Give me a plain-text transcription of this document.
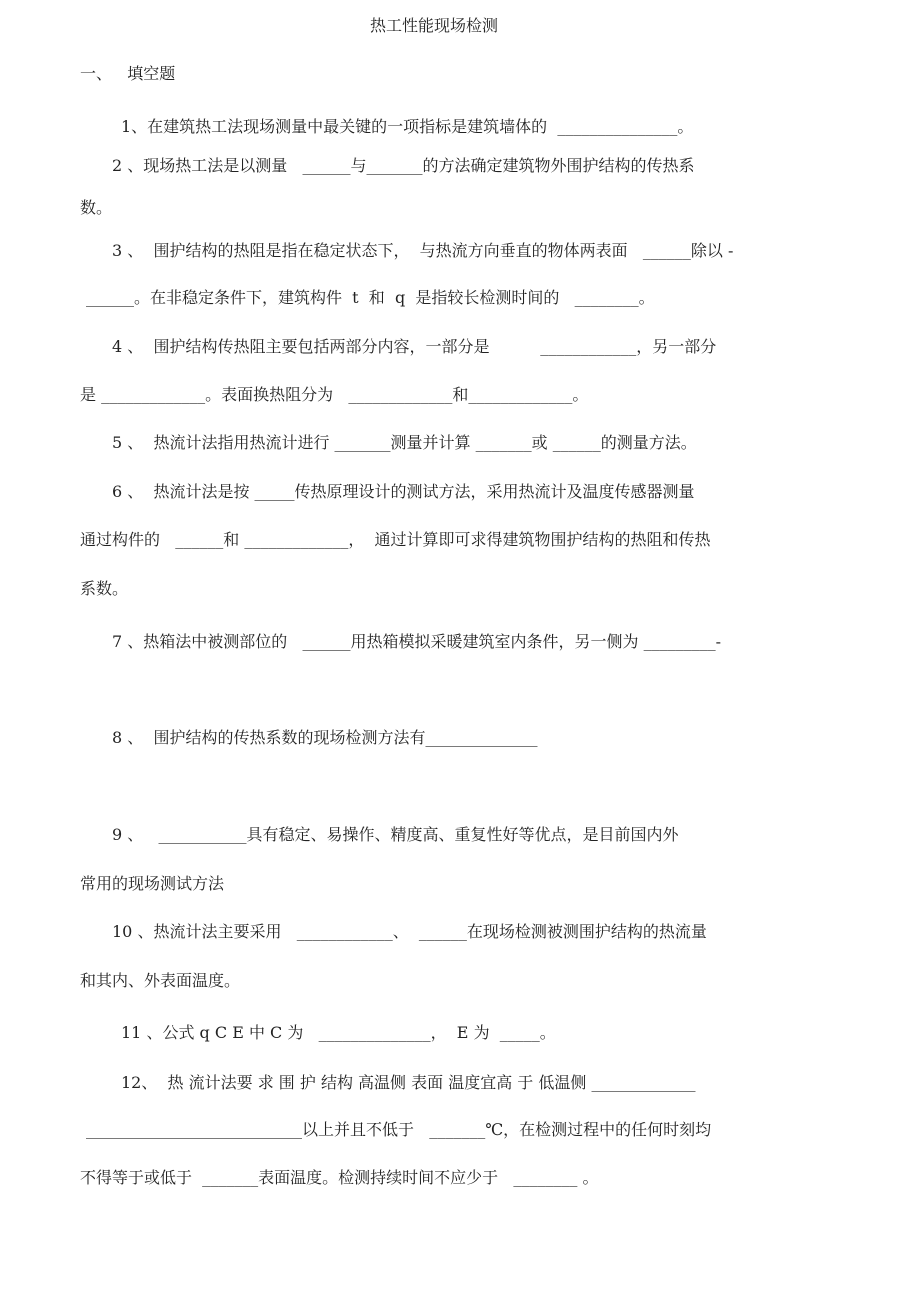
热工性能现场检测
一、   填空题
1、在建筑热工法现场测量中最关键的一项指标是建筑墙体的  _______________。
2 、现场热工法是以测量   ______与_______的方法确定建筑物外围护结构的传热系
数。
3 、  围护结构的热阻是指在稳定状态下，  与热流方向垂直的物体两表面   ______除以 -
______。在非稳定条件下，建筑构件  t  和  q  是指较长检测时间的   ________。
4 、  围护结构传热阻主要包括两部分内容，一部分是          ____________，另一部分
是 _____________。表面换热阻分为   _____________和_____________。
5 、  热流计法指用热流计进行 _______测量并计算 _______或 ______的测量方法。
6 、  热流计法是按 _____传热原理设计的测试方法，采用热流计及温度传感器测量
通过构件的   ______和 _____________，  通过计算即可求得建筑物围护结构的热阻和传热
系数。
7 、热箱法中被测部位的   ______用热箱模拟采暖建筑室内条件，另一侧为 _________-
8 、  围护结构的传热系数的现场检测方法有______________
9 、   ___________具有稳定、易操作、精度高、重复性好等优点，是目前国内外
常用的现场测试方法
10 、热流计法主要采用   ____________、  ______在现场检测被测围护结构的热流量
和其内、外表面温度。
11 、公式 q C E 中 C 为   ______________，  E 为  _____。
12、  热 流计法要 求 围 护 结构 高温侧 表面 温度宜高 于 低温侧 _____________
___________________________以上并且不低于   _______℃，在检测过程中的任何时刻均
不得等于或低于  _______表面温度。检测持续时间不应少于   ________ 。
